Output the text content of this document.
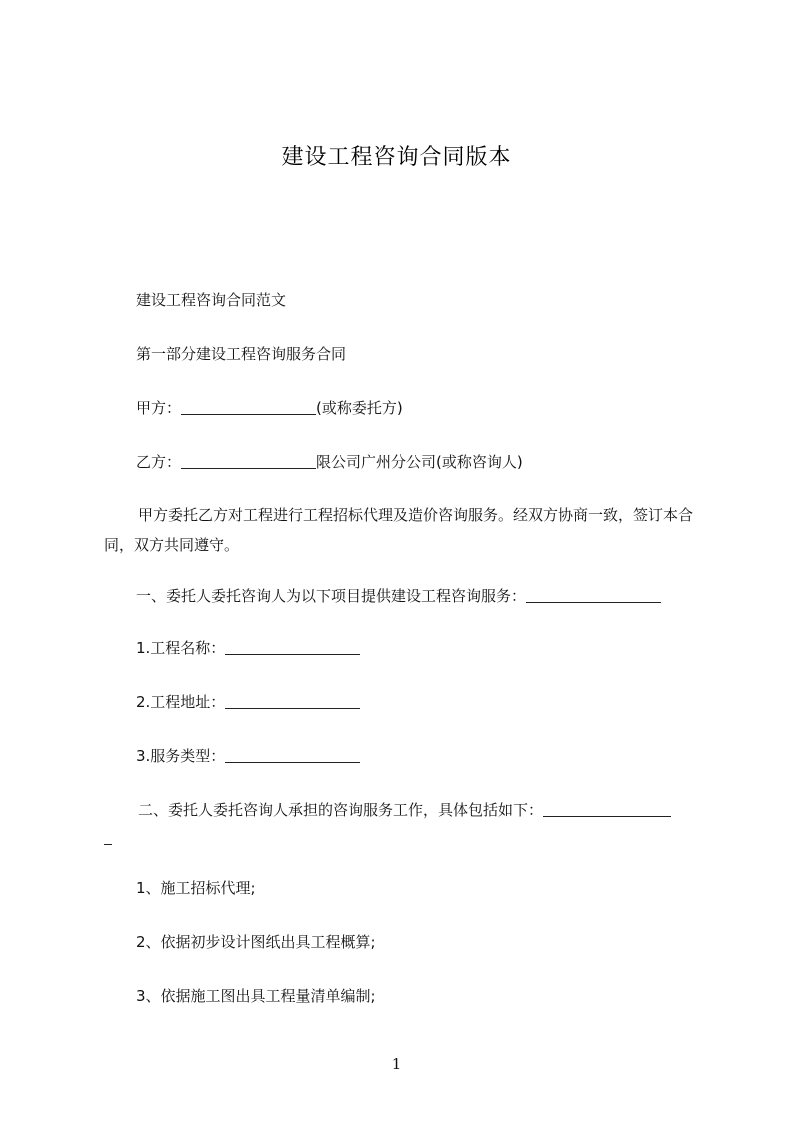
建设工程咨询合同版本
建设工程咨询合同范文
第一部分建设工程咨询服务合同
甲方：	(或称委托方)
乙方：	限公司广州分公司(或称咨询人)
甲方委托乙方对工程进行工程招标代理及造价咨询服务。经双方协商一致，签订本合同，双方共同遵守。
一、委托人委托咨询人为以下项目提供建设工程咨询服务：
1.工程名称：
2.工程地址：
3.服务类型：
二、委托人委托咨询人承担的咨询服务工作，具体包括如下：
1、施工招标代理;
2、依据初步设计图纸出具工程概算;
3、依据施工图出具工程量清单编制;
1
